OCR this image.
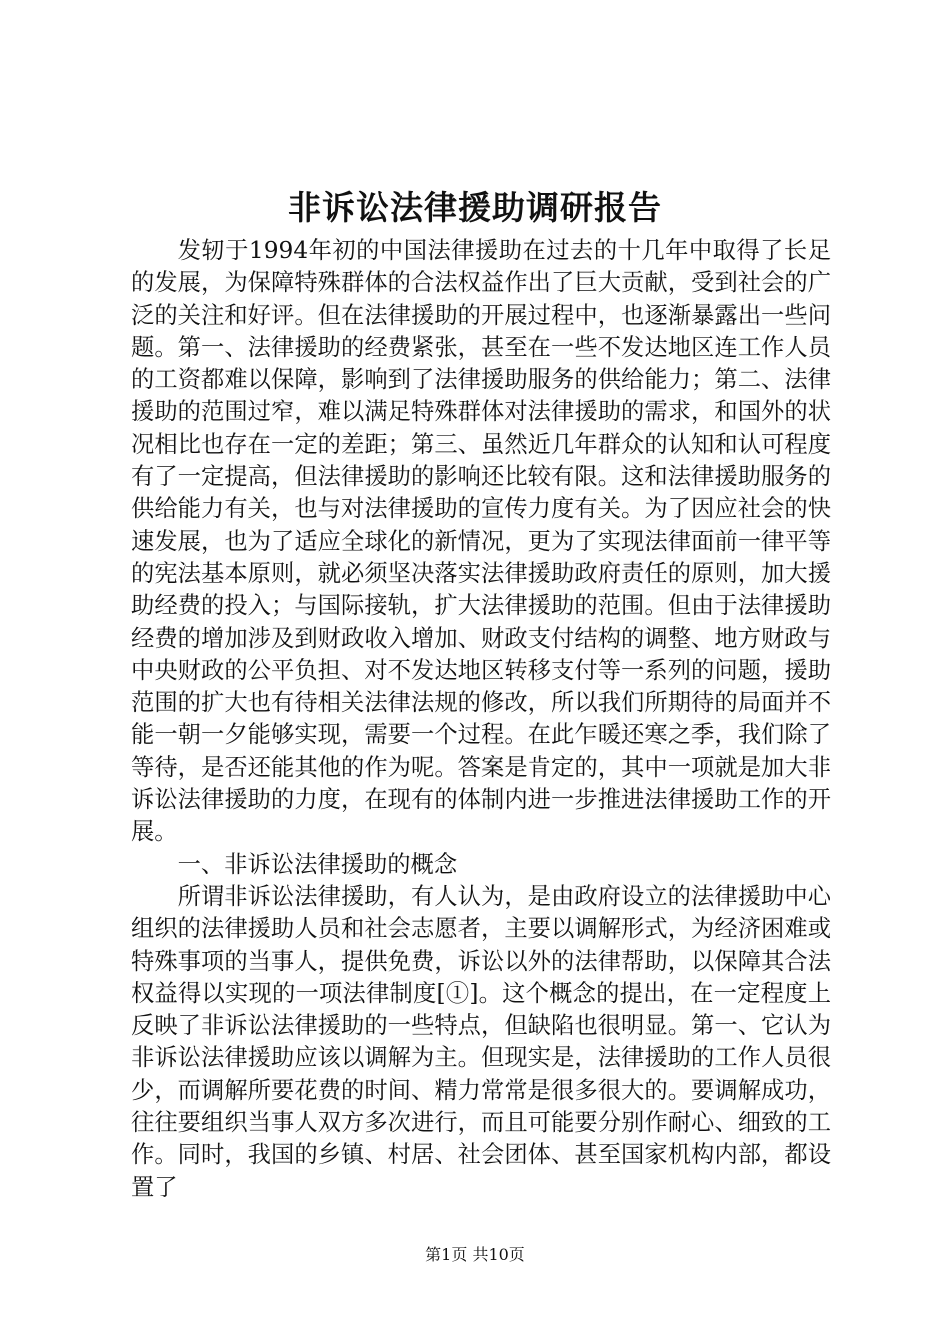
非诉讼法律援助调研报告

发轫于1994年初的中国法律援助在过去的十几年中取得了长足的发展，为保障特殊群体的合法权益作出了巨大贡献，受到社会的广泛的关注和好评。但在法律援助的开展过程中，也逐渐暴露出一些问题。第一、法律援助的经费紧张，甚至在一些不发达地区连工作人员的工资都难以保障，影响到了法律援助服务的供给能力；第二、法律援助的范围过窄，难以满足特殊群体对法律援助的需求，和国外的状况相比也存在一定的差距；第三、虽然近几年群众的认知和认可程度有了一定提高，但法律援助的影响还比较有限。这和法律援助服务的供给能力有关，也与对法律援助的宣传力度有关。为了因应社会的快速发展，也为了适应全球化的新情况，更为了实现法律面前一律平等的宪法基本原则，就必须坚决落实法律援助政府责任的原则，加大援助经费的投入；与国际接轨，扩大法律援助的范围。但由于法律援助经费的增加涉及到财政收入增加、财政支付结构的调整、地方财政与中央财政的公平负担、对不发达地区转移支付等一系列的问题，援助范围的扩大也有待相关法律法规的修改，所以我们所期待的局面并不能一朝一夕能够实现，需要一个过程。在此乍暖还寒之季，我们除了等待，是否还能其他的作为呢。答案是肯定的，其中一项就是加大非诉讼法律援助的力度，在现有的体制内进一步推进法律援助工作的开展。

一、非诉讼法律援助的概念

所谓非诉讼法律援助，有人认为，是由政府设立的法律援助中心组织的法律援助人员和社会志愿者，主要以调解形式，为经济困难或特殊事项的当事人，提供免费，诉讼以外的法律帮助，以保障其合法权益得以实现的一项法律制度[①]。这个概念的提出，在一定程度上反映了非诉讼法律援助的一些特点，但缺陷也很明显。第一、它认为非诉讼法律援助应该以调解为主。但现实是，法律援助的工作人员很少，而调解所要花费的时间、精力常常是很多很大的。要调解成功，往往要组织当事人双方多次进行，而且可能要分别作耐心、细致的工作。同时，我国的乡镇、村居、社会团体、甚至国家机构内部，都设置了

第1页 共10页
